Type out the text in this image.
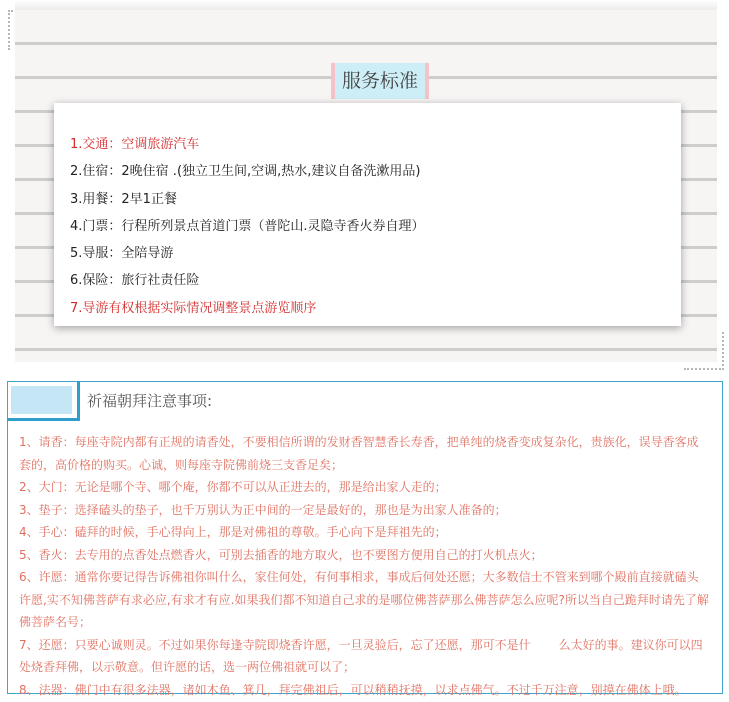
服务标准
1.交通：空调旅游汽车
2.住宿：2晚住宿 .(独立卫生间,空调,热水,建议自备洗漱用品)
3.用餐：2早1正餐
4.门票：行程所列景点首道门票（普陀山.灵隐寺香火券自理）
5.导服：全陪导游
6.保险：旅行社责任险
7.导游有权根据实际情况调整景点游览顺序
祈福朝拜注意事项:

1、请香：每座寺院内都有正规的请香处，不要相信所谓的发财香智慧香长寿香，把单纯的烧香变成复杂化，贵族化，误导香客成套的，高价格的购买。心诚，则每座寺院佛前烧三支香足矣；

2、大门：无论是哪个寺、哪个庵，你都不可以从正进去的，那是给出家人走的；

3、垫子：选择磕头的垫子，也千万别认为正中间的一定是最好的，那也是为出家人准备的；

4、手心：磕拜的时候，手心得向上，那是对佛祖的尊敬。手心向下是拜祖先的；

5、香火：去专用的点香处点燃香火，可别去插香的地方取火，也不要图方便用自己的打火机点火；

6、许愿：通常你要记得告诉佛祖你叫什么，家住何处，有何事相求，事成后何处还愿；大多数信士不管来到哪个殿前直接就磕头许愿,实不知佛菩萨有求必应,有求才有应.如果我们都不知道自己求的是哪位佛菩萨那么佛菩萨怎么应呢?所以当自己跪拜时请先了解佛菩萨名号；

7、还愿：只要心诚则灵。不过如果你每逢寺院即烧香许愿，一旦灵验后，忘了还愿，那可不是什 么太好的事。建议你可以四处烧香拜佛，以示敬意。但许愿的话，选一两位佛祖就可以了；

8、法器：佛门中有很多法器，诸如木鱼、箕几，拜完佛祖后，可以稍稍抚摸，以求点佛气。不过千万注意，别摸在佛体上哦。
